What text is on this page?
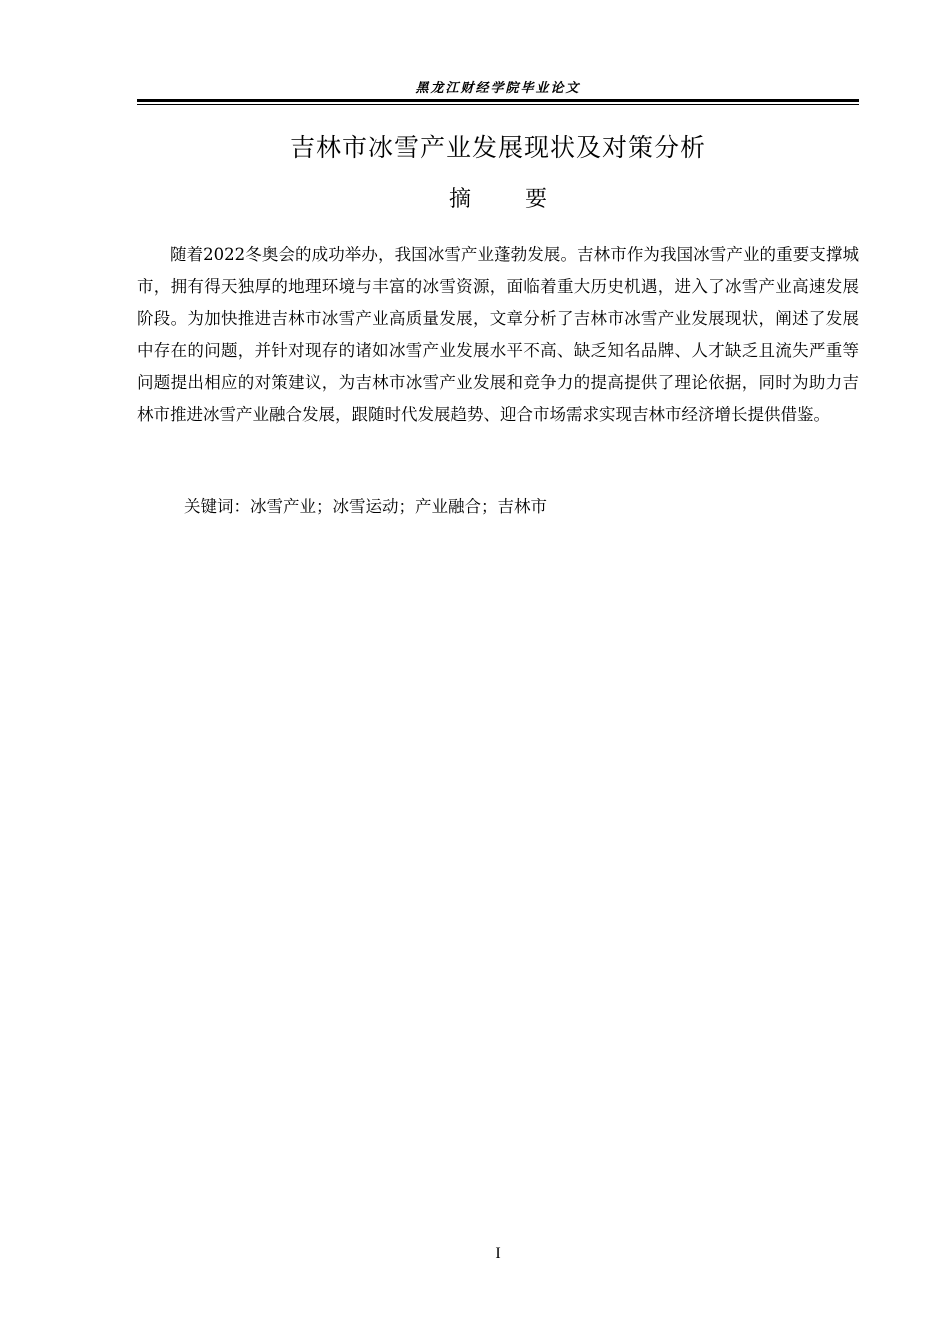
黑龙江财经学院毕业论文
吉林市冰雪产业发展现状及对策分析
摘 要

随着2022冬奥会的成功举办，我国冰雪产业蓬勃发展。吉林市作为我国冰雪产业的重要支撑城市，拥有得天独厚的地理环境与丰富的冰雪资源，面临着重大历史机遇，进入了冰雪产业高速发展阶段。为加快推进吉林市冰雪产业高质量发展，文章分析了吉林市冰雪产业发展现状，阐述了发展中存在的问题，并针对现存的诸如冰雪产业发展水平不高、缺乏知名品牌、人才缺乏且流失严重等问题提出相应的对策建议，为吉林市冰雪产业发展和竞争力的提高提供了理论依据，同时为助力吉林市推进冰雪产业融合发展，跟随时代发展趋势、迎合市场需求实现吉林市经济增长提供借鉴。

关键词：冰雪产业；冰雪运动；产业融合；吉林市
I
